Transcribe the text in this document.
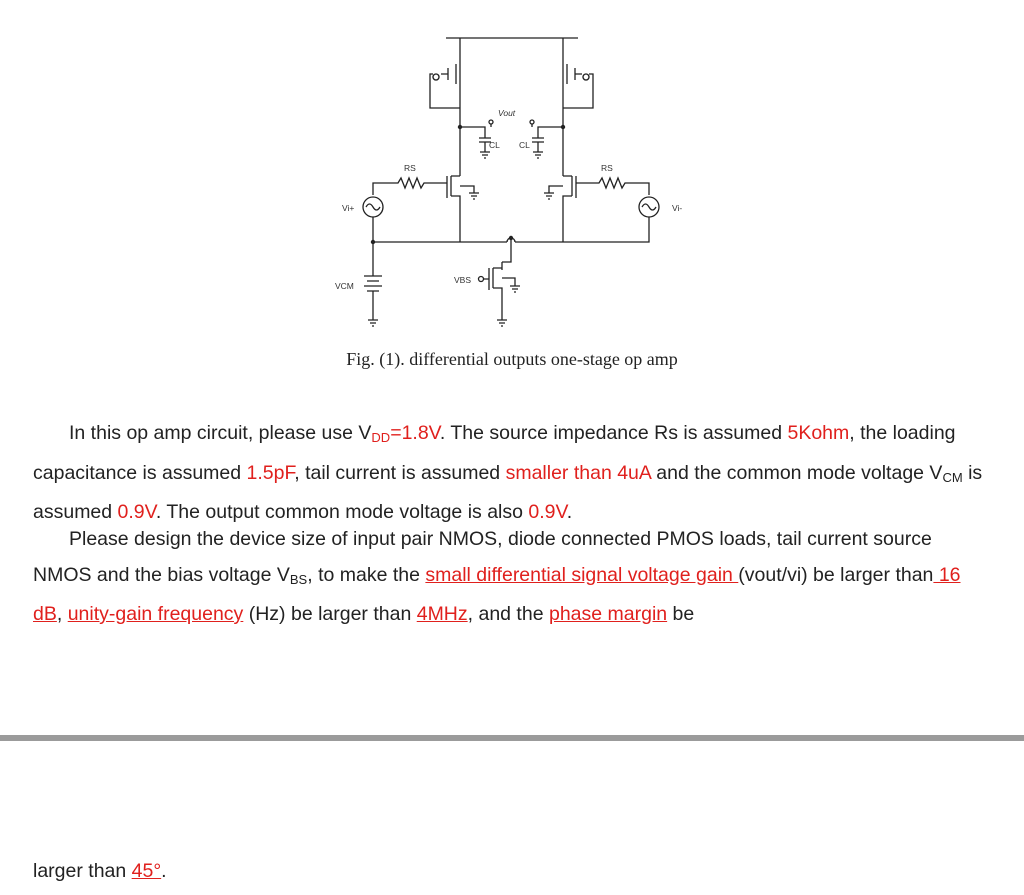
Vout
CL CL
RS	RS
Vi+	Vi-
VCM
VBS
Fig. (1). differential outputs one-stage op amp

In this op amp circuit, please use $V_{DD}=1.8V$. The source impedance Rs is assumed 5Kohm, the loading capacitance is assumed 1.5pF, tail current is assumed smaller than 4uA and the common mode voltage $V_{CM}$ is assumed 0.9V. The output common mode voltage is also 0.9V.

Please design the device size of input pair NMOS, diode connected PMOS loads, tail current source NMOS and the bias voltage $V_{BS}$, to make the small differential signal voltage gain (vout/vi) be larger than 16 dB, unity-gain frequency (Hz) be larger than 4MHz, and the phase margin be

larger than 45°.
